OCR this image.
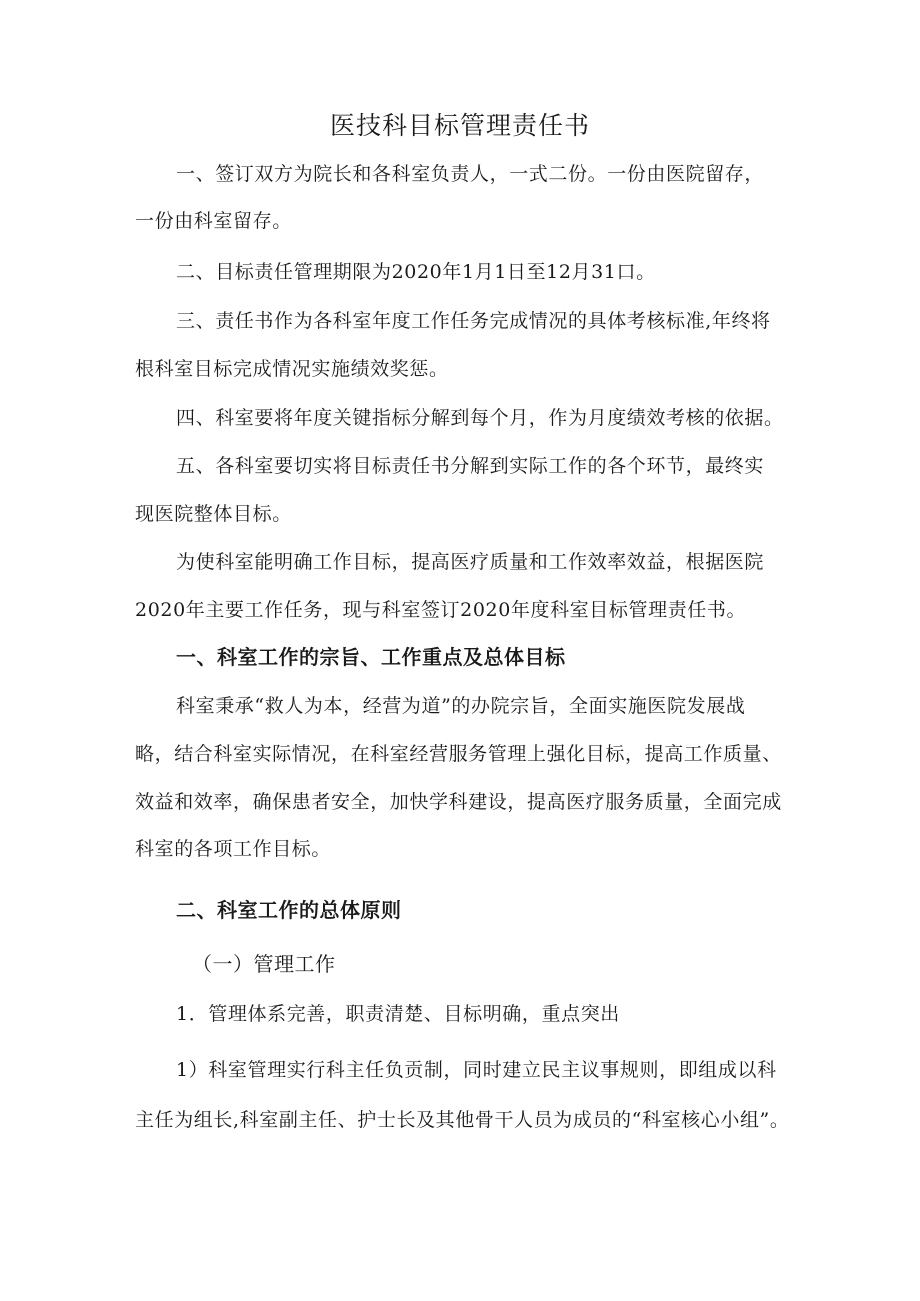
医技科目标管理责任书
一、签订双方为院长和各科室负责人，一式二份。一份由医院留存，
一份由科室留存。
二、目标责任管理期限为2020年1月1日至12月31口。
三、责任书作为各科室年度工作任务完成情况的具体考核标准,年终将
根科室目标完成情况实施绩效奖惩。
四、科室要将年度关键指标分解到每个月，作为月度绩效考核的依据。
五、各科室要切实将目标责任书分解到实际工作的各个环节，最终实
现医院整体目标。
为使科室能明确工作目标，提高医疗质量和工作效率效益，根据医院
2020年主要工作任务，现与科室签订2020年度科室目标管理责任书。
一、科室工作的宗旨、工作重点及总体目标
科室秉承“救人为本，经营为道”的办院宗旨，全面实施医院发展战
略，结合科室实际情况，在科室经营服务管理上强化目标，提高工作质量、
效益和效率，确保患者安全，加快学科建设，提高医疗服务质量，全面完成
科室的各项工作目标。
二、科室工作的总体原则
（一）管理工作
1．管理体系完善，职责清楚、目标明确，重点突出
1）科室管理实行科主任负贡制，同时建立民主议事规则，即组成以科
主任为组长,科室副主任、护士长及其他骨干人员为成员的“科室核心小组”。
